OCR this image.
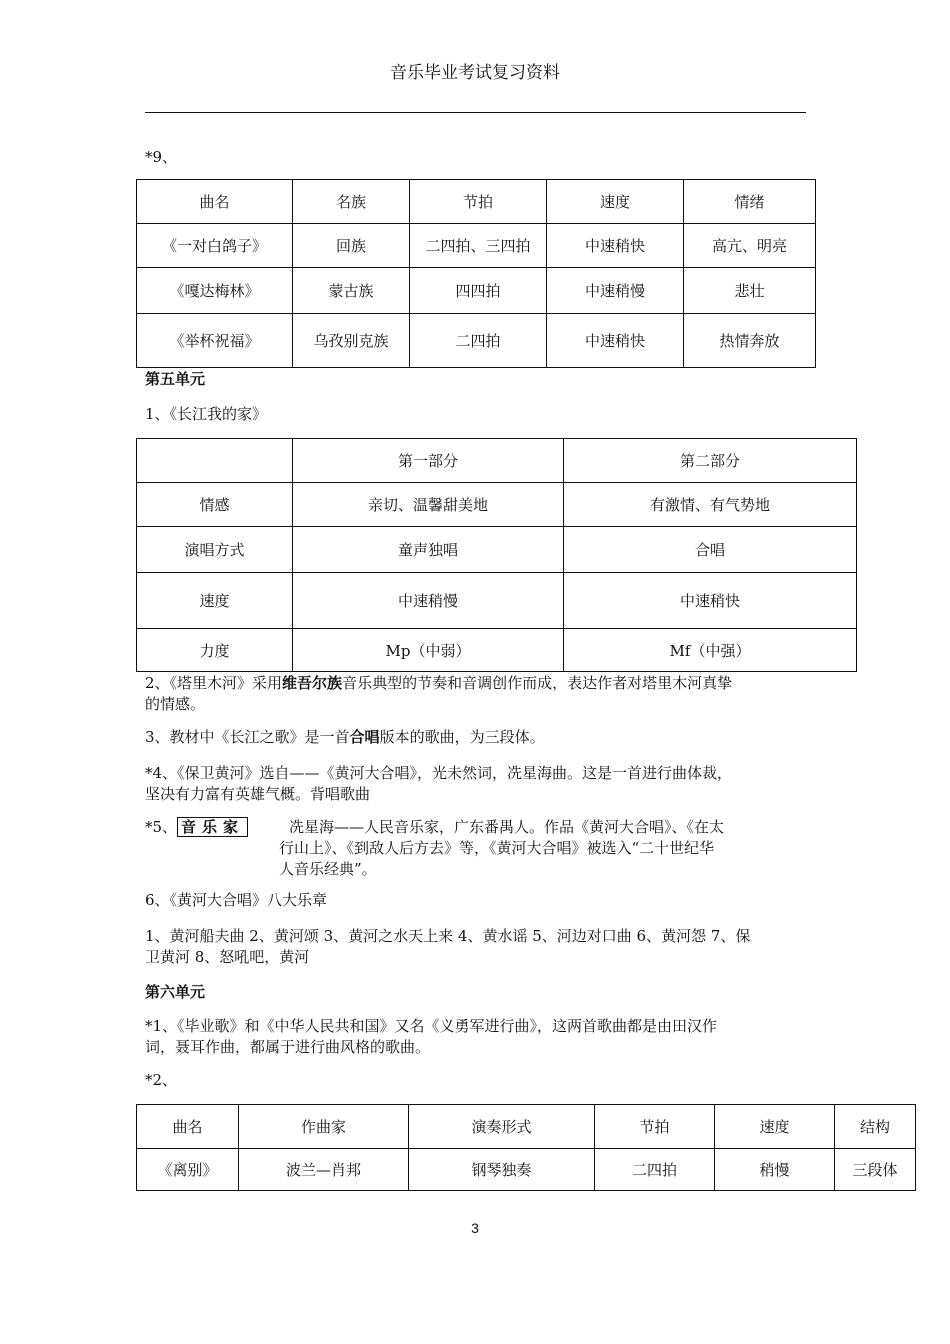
音乐毕业考试复习资料
*9、
曲名	名族	节拍	速度	情绪
《一对白鸽子》	回族	二四拍、三四拍	中速稍快	高亢、明亮
《嘎达梅林》	蒙古族	四四拍	中速稍慢	悲壮
《举杯祝福》	乌孜别克族	二四拍	中速稍快	热情奔放
第五单元
1、《长江我的家》
	第一部分	第二部分
情感	亲切、温馨甜美地	有激情、有气势地
演唱方式	童声独唱	合唱
速度	中速稍慢	中速稍快
力度	Mp（中弱）	Mf（中强）
2、《塔里木河》采用维吾尔族音乐典型的节奏和音调创作而成，表达作者对塔里木河真挚
的情感。
3、教材中《长江之歌》是一首合唱版本的歌曲，为三段体。
*4、《保卫黄河》选自——《黄河大合唱》，光未然词，冼星海曲。这是一首进行曲体裁，
坚决有力富有英雄气概。背唱歌曲
*5、 音乐家	冼星海——人民音乐家，广东番禺人。作品《黄河大合唱》、《在太
行山上》、《到敌人后方去》等，《黄河大合唱》被选入“二十世纪华
人音乐经典”。
6、《黄河大合唱》八大乐章
1、黄河船夫曲 2、黄河颂 3、黄河之水天上来 4、黄水谣 5、河边对口曲 6、黄河怨 7、保
卫黄河 8、怒吼吧，黄河
第六单元
*1、《毕业歌》和《中华人民共和国》又名《义勇军进行曲》，这两首歌曲都是由田汉作
词，聂耳作曲，都属于进行曲风格的歌曲。
*2、
曲名	作曲家	演奏形式	节拍	速度	结构
《离别》	波兰—肖邦	钢琴独奏	二四拍	稍慢	三段体
3
